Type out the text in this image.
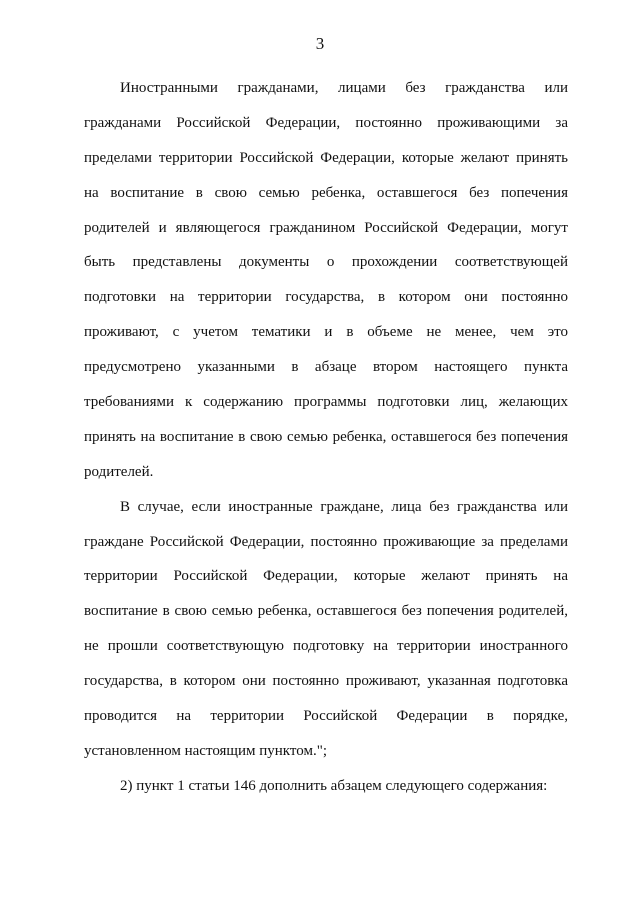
3
Иностранными гражданами, лицами без гражданства или
гражданами Российской Федерации, постоянно проживающими за
пределами территории Российской Федерации, которые желают принять
на воспитание в свою семью ребенка, оставшегося без попечения
родителей и являющегося гражданином Российской Федерации, могут
быть представлены документы о прохождении соответствующей
подготовки на территории государства, в котором они постоянно
проживают, с учетом тематики и в объеме не менее, чем это
предусмотрено указанными в абзаце втором настоящего пункта
требованиями к содержанию программы подготовки лиц, желающих
принять на воспитание в свою семью ребенка, оставшегося без попечения
родителей.
В случае, если иностранные граждане, лица без гражданства или
граждане Российской Федерации, постоянно проживающие за пределами
территории Российской Федерации, которые желают принять на
воспитание в свою семью ребенка, оставшегося без попечения родителей,
не прошли соответствующую подготовку на территории иностранного
государства, в котором они постоянно проживают, указанная подготовка
проводится на территории Российской Федерации в порядке,
установленном настоящим пунктом.";
2) пункт 1 статьи 146 дополнить абзацем следующего содержания:
